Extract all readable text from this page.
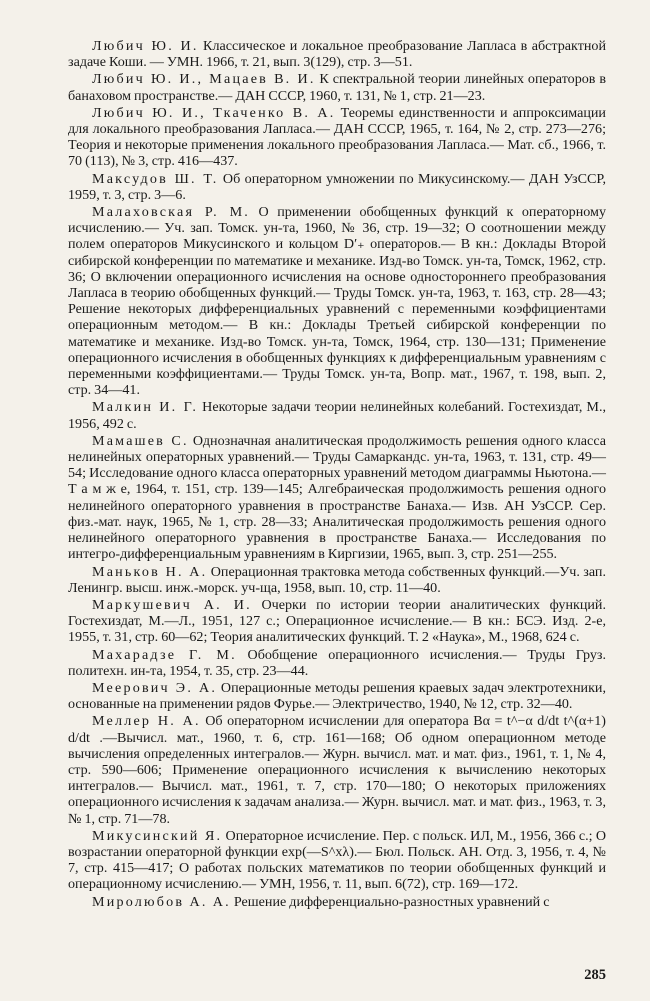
Любич Ю. И. Классическое и локальное преобразование Лапласа в абстрактной задаче Коши. — УМН. 1966, т. 21, вып. 3(129), стр. 3—51.

Любич Ю. И., Мацаев В. И. К спектральной теории линейных операторов в банаховом пространстве.— ДАН СССР, 1960, т. 131, № 1, стр. 21—23.

Любич Ю. И., Ткаченко В. А. Теоремы единственности и аппроксимации для локального преобразования Лапласа.— ДАН СССР, 1965, т. 164, № 2, стр. 273—276; Теория и некоторые применения локального преобразования Лапласа.— Мат. сб., 1966, т. 70 (113), № 3, стр. 416—437.

Максудов Ш. Т. Об операторном умножении по Микусинскому.— ДАН УзССР, 1959, т. 3, стр. 3—6.

Малаховская Р. М. О применении обобщенных функций к операторному исчислению.— Уч. зап. Томск. ун-та, 1960, № 36, стр. 19—32; О соотношении между полем операторов Микусинского и кольцом D′₊ операторов.— В кн.: Доклады Второй сибирской конференции по математике и механике. Изд-во Томск. ун-та, Томск, 1962, стр. 36; О включении операционного исчисления на основе одностороннего преобразования Лапласа в теорию обобщенных функций.— Труды Томск. ун-та, 1963, т. 163, стр. 28—43; Решение некоторых дифференциальных уравнений с переменными коэффициентами операционным методом.— В кн.: Доклады Третьей сибирской конференции по математике и механике. Изд-во Томск. ун-та, Томск, 1964, стр. 130—131; Применение операционного исчисления в обобщенных функциях к дифференциальным уравнениям с переменными коэффициентами.— Труды Томск. ун-та, Вопр. мат., 1967, т. 198, вып. 2, стр. 34—41.

Малкин И. Г. Некоторые задачи теории нелинейных колебаний. Гостехиздат, М., 1956, 492 с.

Мамашев С. Однозначная аналитическая продолжимость решения одного класса нелинейных операторных уравнений.— Труды Самаркандс. ун-та, 1963, т. 131, стр. 49—54; Исследование одного класса операторных уравнений методом диаграммы Ньютона.— Т а м ж е, 1964, т. 151, стр. 139—145; Алгебраическая продолжимость решения одного нелинейного операторного уравнения в пространстве Банаха.— Изв. АН УзССР. Сер. физ.-мат. наук, 1965, № 1, стр. 28—33; Аналитическая продолжимость решения одного нелинейного операторного уравнения в пространстве Банаха.— Исследования по интегро-дифференциальным уравнениям в Киргизии, 1965, вып. 3, стр. 251—255.

Маньков Н. А. Операционная трактовка метода собственных функций.—Уч. зап. Ленингр. высш. инж.-морск. уч-ща, 1958, вып. 10, стр. 11—40.

Маркушевич А. И. Очерки по истории теории аналитических функций. Гостехиздат, М.—Л., 1951, 127 с.; Операционное исчисление.— В кн.: БСЭ. Изд. 2-е, 1955, т. 31, стр. 60—62; Теория аналитических функций. Т. 2 «Наука», М., 1968, 624 с.

Махарадзе Г. М. Обобщение операционного исчисления.— Труды Груз. политехн. ин-та, 1954, т. 35, стр. 23—44.

Меерович Э. А. Операционные методы решения краевых задач электротехники, основанные на применении рядов Фурье.— Электричество, 1940, № 12, стр. 32—40.

Меллер Н. А. Об операторном исчислении для оператора Bα = t^−α d/dt t^(α+1) d/dt .—Вычисл. мат., 1960, т. 6, стр. 161—168; Об одном операционном методе вычисления определенных интегралов.— Журн. вычисл. мат. и мат. физ., 1961, т. 1, № 4, стр. 590—606; Применение операционного исчисления к вычислению некоторых интегралов.— Вычисл. мат., 1961, т. 7, стр. 170—180; О некоторых приложениях операционного исчисления к задачам анализа.— Журн. вычисл. мат. и мат. физ., 1963, т. 3, № 1, стр. 71—78.

Микусинский Я. Операторное исчисление. Пер. с польск. ИЛ, М., 1956, 366 с.; О возрастании операторной функции exp(—S^xλ).— Бюл. Польск. АН. Отд. 3, 1956, т. 4, № 7, стр. 415—417; О работах польских математиков по теории обобщенных функций и операционному исчислению.— УМН, 1956, т. 11, вып. 6(72), стр. 169—172.

Миролюбов А. А. Решение дифференциально-разностных уравнений с

285
